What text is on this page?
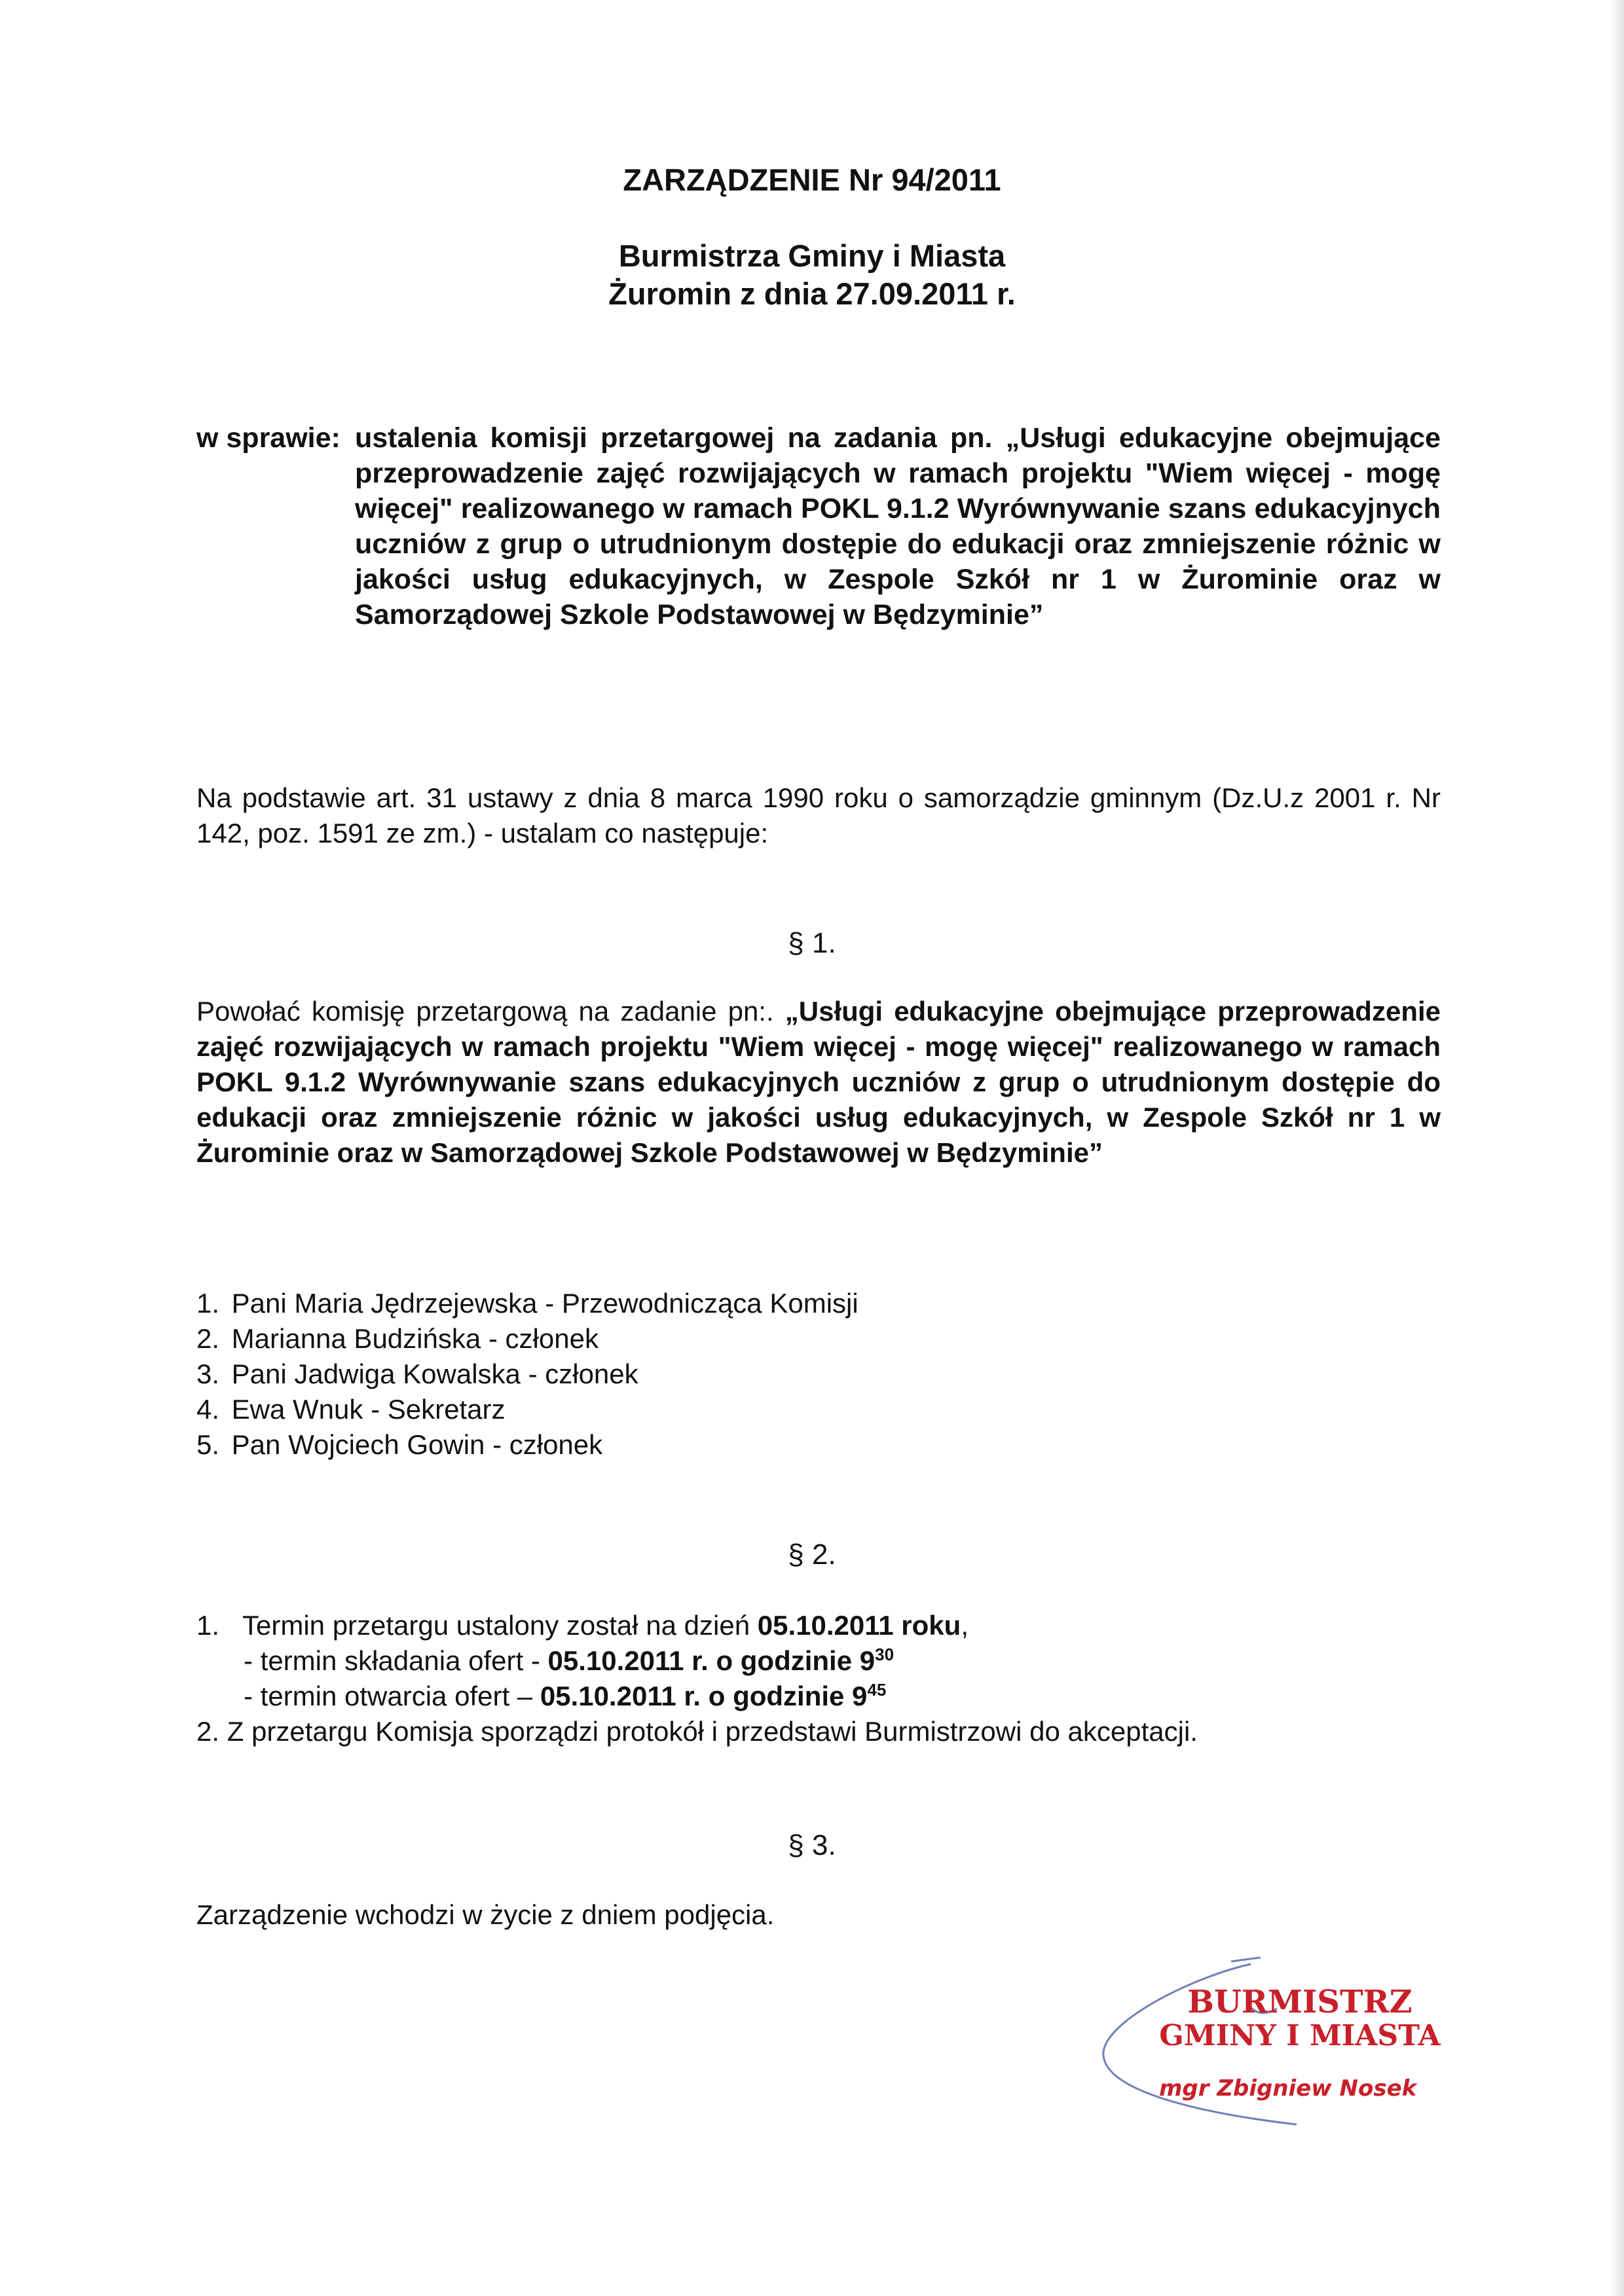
ZARZĄDZENIE Nr 94/2011
Burmistrza Gminy i Miasta
Żuromin z dnia 27.09.2011 r.
w sprawie: ustalenia komisji przetargowej na zadania pn. „Usługi edukacyjne obejmujące przeprowadzenie zajęć rozwijających w ramach projektu "Wiem więcej - mogę więcej" realizowanego w ramach POKL 9.1.2 Wyrównywanie szans edukacyjnych uczniów z grup o utrudnionym dostępie do edukacji oraz zmniejszenie różnic w jakości usług edukacyjnych, w Zespole Szkół nr 1 w Żurominie oraz w Samorządowej Szkole Podstawowej w Będzyminie”
Na podstawie art. 31 ustawy z dnia 8 marca 1990 roku o samorządzie gminnym (Dz.U.z 2001 r. Nr 142, poz. 1591 ze zm.) - ustalam co następuje:
§ 1.
Powołać komisję przetargową na zadanie pn:. „Usługi edukacyjne obejmujące przeprowadzenie zajęć rozwijających w ramach projektu "Wiem więcej - mogę więcej" realizowanego w ramach POKL 9.1.2 Wyrównywanie szans edukacyjnych uczniów z grup o utrudnionym dostępie do edukacji oraz zmniejszenie różnic w jakości usług edukacyjnych, w Zespole Szkół nr 1 w Żurominie oraz w Samorządowej Szkole Podstawowej w Będzyminie”
1. Pani Maria Jędrzejewska - Przewodnicząca Komisji
2. Marianna Budzińska - członek
3. Pani Jadwiga Kowalska - członek
4. Ewa Wnuk - Sekretarz
5. Pan Wojciech Gowin - członek
§ 2.
1. Termin przetargu ustalony został na dzień 05.10.2011 roku,
- termin składania ofert - 05.10.2011 r. o godzinie $9^{30}$
- termin otwarcia ofert – 05.10.2011 r. o godzinie $9^{45}$
2. Z przetargu Komisja sporządzi protokół i przedstawi Burmistrzowi do akceptacji.
§ 3.
Zarządzenie wchodzi w życie z dniem podjęcia.
BURMISTRZ
GMINY I MIASTA
mgr Zbigniew Nosek
